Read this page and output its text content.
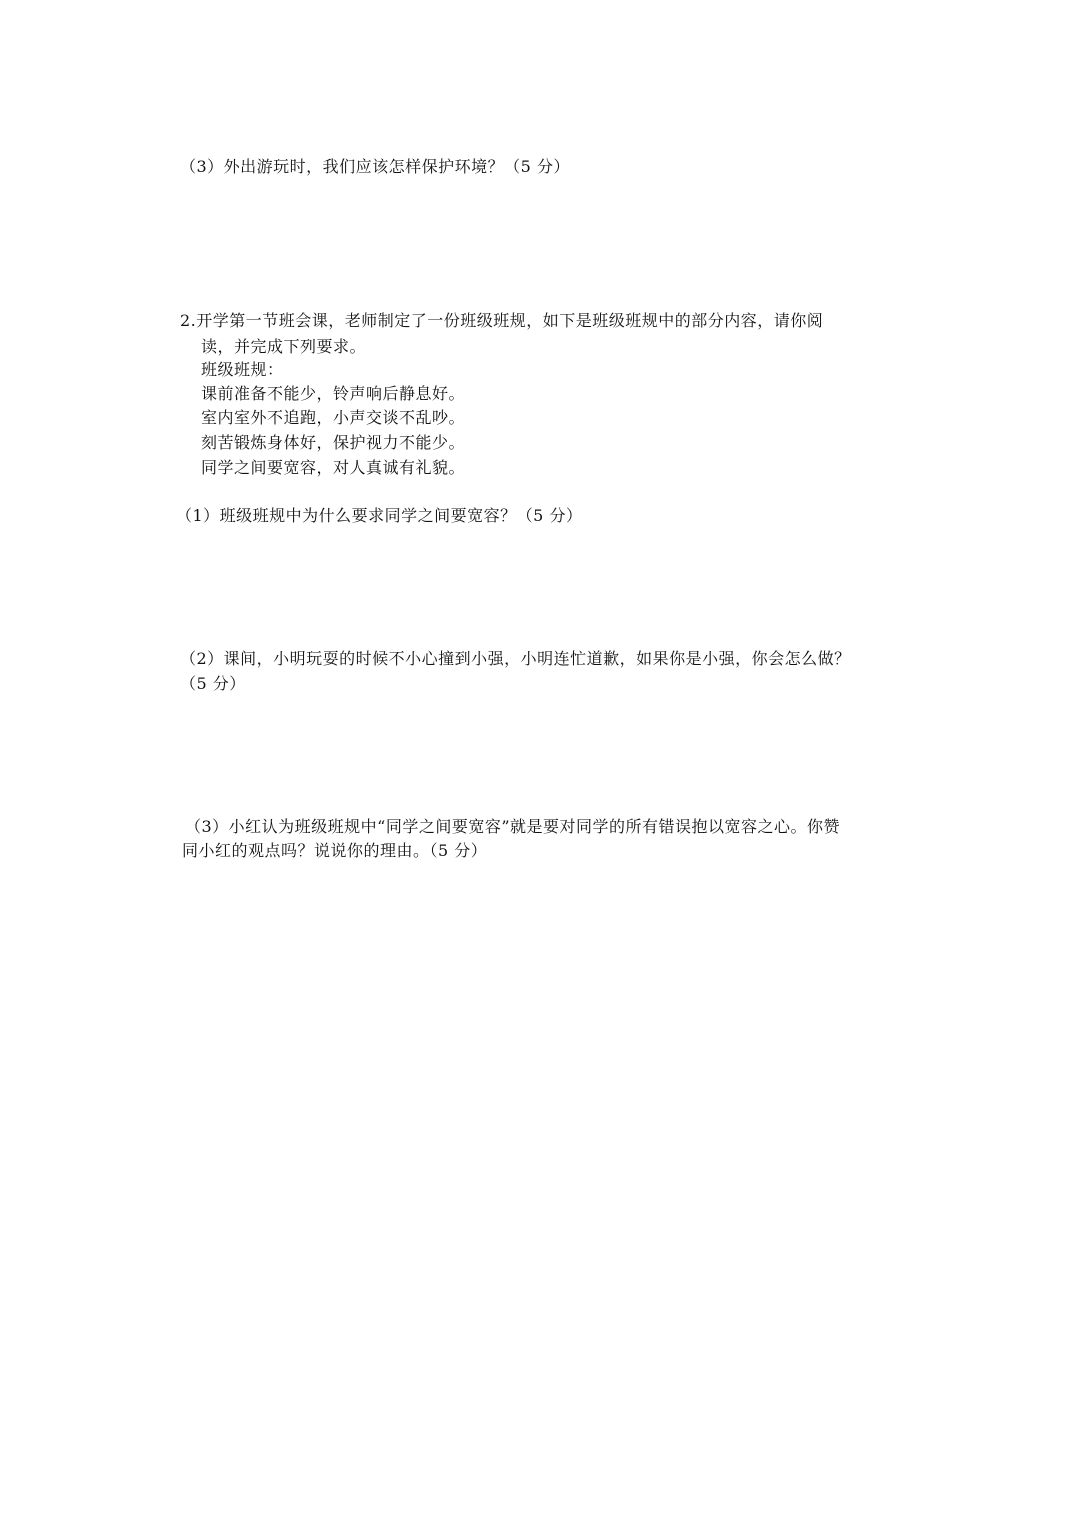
（3）外出游玩时，我们应该怎样保护环境？（5 分）
2.开学第一节班会课，老师制定了一份班级班规，如下是班级班规中的部分内容，请你阅
读，并完成下列要求。
班级班规：
课前准备不能少，铃声响后静息好。
室内室外不追跑，小声交谈不乱吵。
刻苦锻炼身体好，保护视力不能少。
同学之间要宽容，对人真诚有礼貌。
（1）班级班规中为什么要求同学之间要宽容？（5 分）
（2）课间，小明玩耍的时候不小心撞到小强，小明连忙道歉，如果你是小强，你会怎么做？
（5 分）
（3）小红认为班级班规中“同学之间要宽容”就是要对同学的所有错误抱以宽容之心。你赞
同小红的观点吗？说说你的理由。（5 分）
